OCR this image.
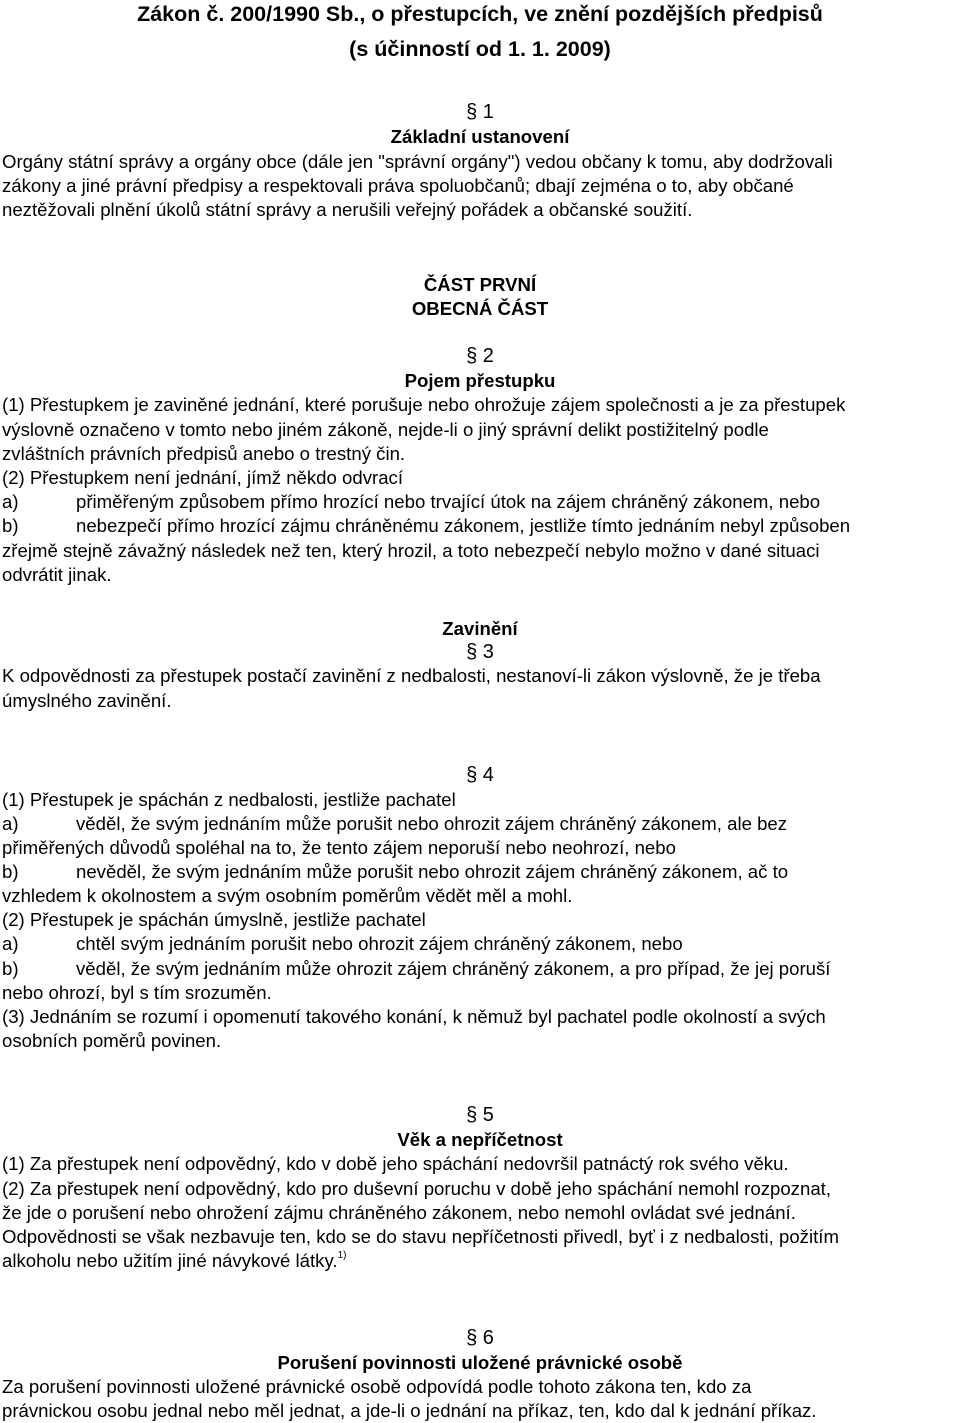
Zákon č. 200/1990 Sb., o přestupcích, ve znění pozdějších předpisů

(s účinností od 1. 1. 2009)

§ 1

Základní ustanovení

Orgány státní správy a orgány obce (dále jen "správní orgány") vedou občany k tomu, aby dodržovali

zákony a jiné právní předpisy a respektovali práva spoluobčanů; dbají zejména o to, aby občané

neztěžovali plnění úkolů státní správy a nerušili veřejný pořádek a občanské soužití.

ČÁST PRVNÍ

OBECNÁ ČÁST

§ 2

Pojem přestupku

(1) Přestupkem je zaviněné jednání, které porušuje nebo ohrožuje zájem společnosti a je za přestupek

výslovně označeno v tomto nebo jiném zákoně, nejde-li o jiný správní delikt postižitelný podle

zvláštních právních předpisů anebo o trestný čin.

(2) Přestupkem není jednání, jímž někdo odvrací

a)	přiměřeným způsobem přímo hrozící nebo trvající útok na zájem chráněný zákonem, nebo

b)	nebezpečí přímo hrozící zájmu chráněnému zákonem, jestliže tímto jednáním nebyl způsoben

zřejmě stejně závažný následek než ten, který hrozil, a toto nebezpečí nebylo možno v dané situaci

odvrátit jinak.

Zavinění

§ 3

K odpovědnosti za přestupek postačí zavinění z nedbalosti, nestanoví-li zákon výslovně, že je třeba

úmyslného zavinění.

§ 4

(1) Přestupek je spáchán z nedbalosti, jestliže pachatel

a)	věděl, že svým jednáním může porušit nebo ohrozit zájem chráněný zákonem, ale bez

přiměřených důvodů spoléhal na to, že tento zájem neporuší nebo neohrozí, nebo

b)	nevěděl, že svým jednáním může porušit nebo ohrozit zájem chráněný zákonem, ač to

vzhledem k okolnostem a svým osobním poměrům vědět měl a mohl.

(2) Přestupek je spáchán úmyslně, jestliže pachatel

a)	chtěl svým jednáním porušit nebo ohrozit zájem chráněný zákonem, nebo

b)	věděl, že svým jednáním může ohrozit zájem chráněný zákonem, a pro případ, že jej poruší

nebo ohrozí, byl s tím srozuměn.

(3) Jednáním se rozumí i opomenutí takového konání, k němuž byl pachatel podle okolností a svých

osobních poměrů povinen.

§ 5

Věk a nepříčetnost

(1) Za přestupek není odpovědný, kdo v době jeho spáchání nedovršil patnáctý rok svého věku.

(2) Za přestupek není odpovědný, kdo pro duševní poruchu v době jeho spáchání nemohl rozpoznat,

že jde o porušení nebo ohrožení zájmu chráněného zákonem, nebo nemohl ovládat své jednání.

Odpovědnosti se však nezbavuje ten, kdo se do stavu nepříčetnosti přivedl, byť i z nedbalosti, požitím

alkoholu nebo užitím jiné návykové látky.$^{1)}$

§ 6

Porušení povinnosti uložené právnické osobě

Za porušení povinnosti uložené právnické osobě odpovídá podle tohoto zákona ten, kdo za

právnickou osobu jednal nebo měl jednat, a jde-li o jednání na příkaz, ten, kdo dal k jednání příkaz.
